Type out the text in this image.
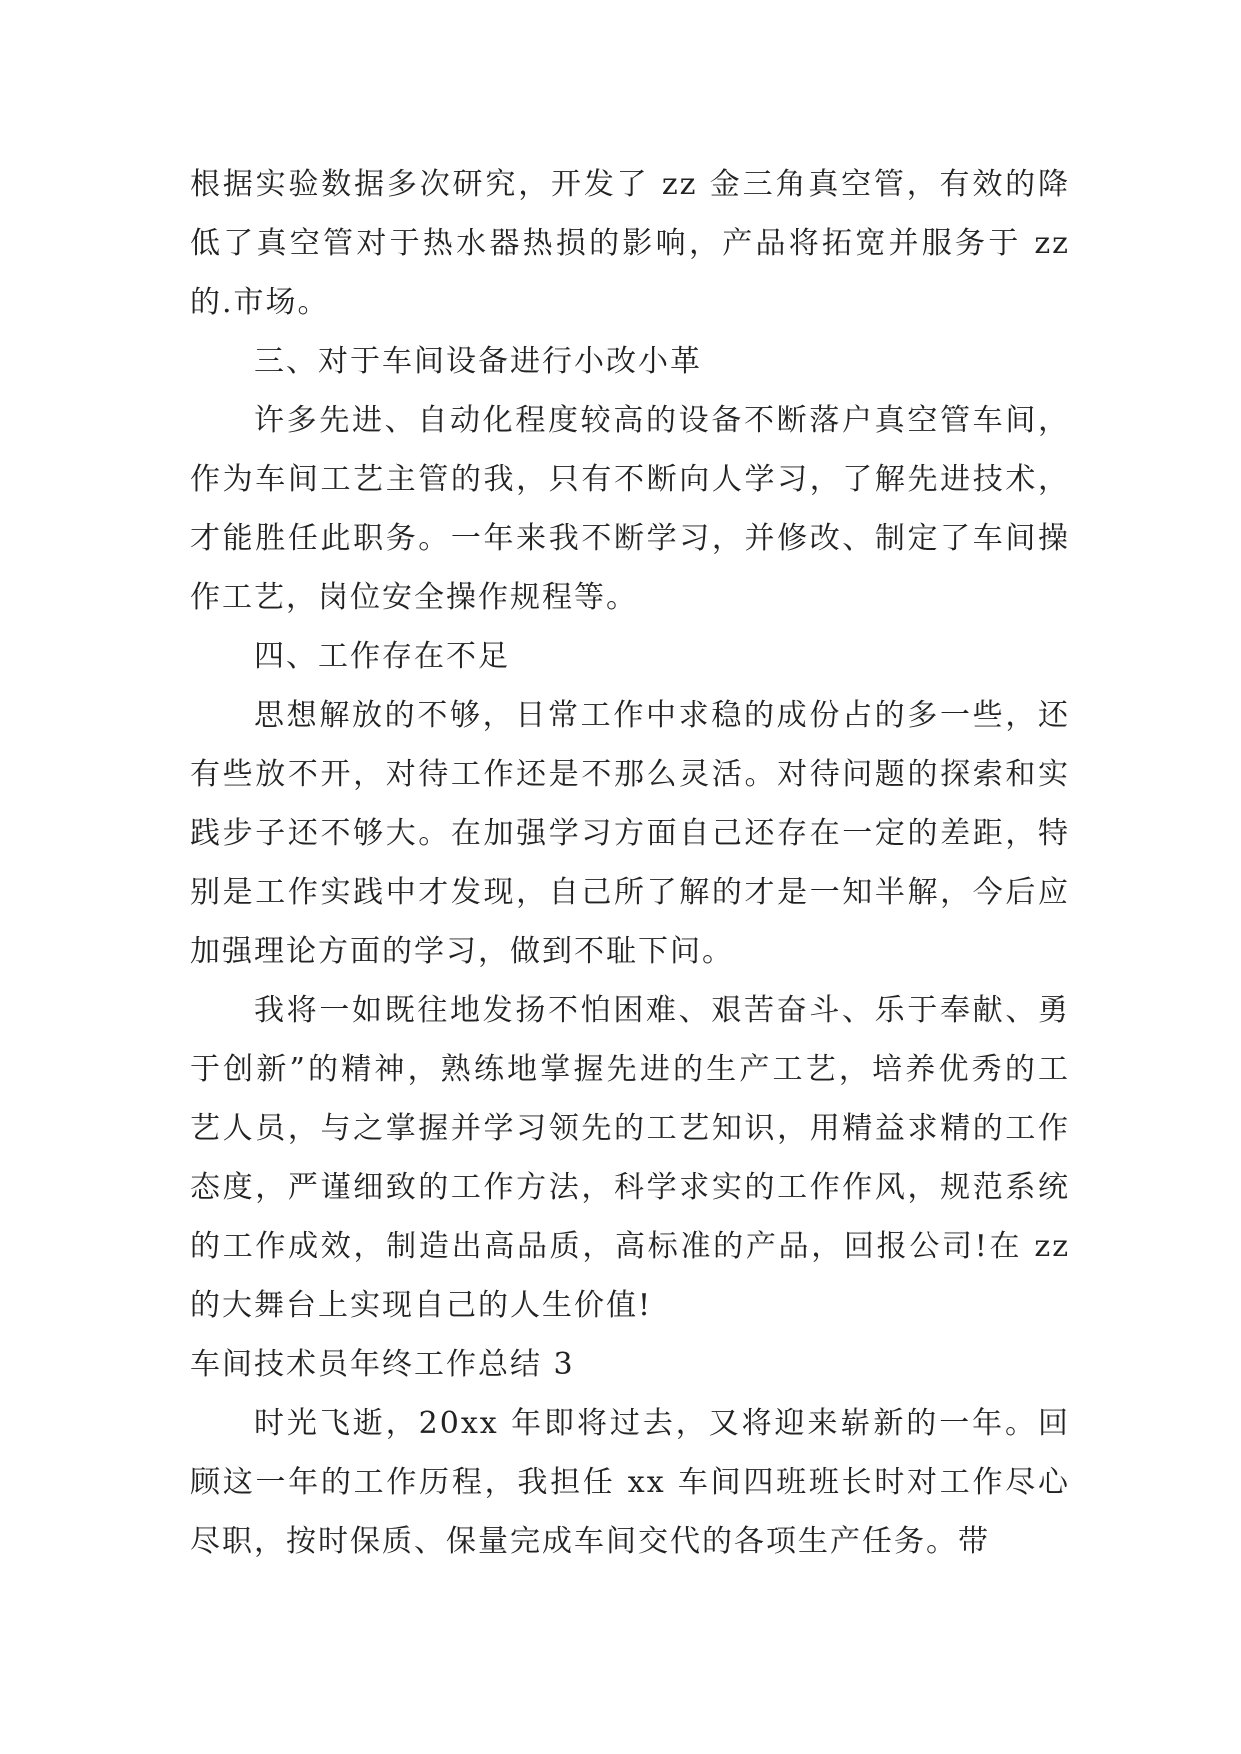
根据实验数据多次研究，开发了 zz 金三角真空管，有效的降低了真空管对于热水器热损的影响，产品将拓宽并服务于 zz 的.市场。

三、对于车间设备进行小改小革

许多先进、自动化程度较高的设备不断落户真空管车间，作为车间工艺主管的我，只有不断向人学习，了解先进技术，才能胜任此职务。一年来我不断学习，并修改、制定了车间操作工艺，岗位安全操作规程等。

四、工作存在不足

思想解放的不够，日常工作中求稳的成份占的多一些，还有些放不开，对待工作还是不那么灵活。对待问题的探索和实践步子还不够大。在加强学习方面自己还存在一定的差距，特别是工作实践中才发现，自己所了解的才是一知半解，今后应加强理论方面的学习，做到不耻下问。

我将一如既往地发扬不怕困难、艰苦奋斗、乐于奉献、勇于创新”的精神，熟练地掌握先进的生产工艺，培养优秀的工艺人员，与之掌握并学习领先的工艺知识，用精益求精的工作态度，严谨细致的工作方法，科学求实的工作作风，规范系统的工作成效，制造出高品质，高标准的产品，回报公司!在 zz 的大舞台上实现自己的人生价值!

车间技术员年终工作总结 3

时光飞逝，20xx 年即将过去，又将迎来崭新的一年。回顾这一年的工作历程，我担任 xx 车间四班班长时对工作尽心尽职，按时保质、保量完成车间交代的各项生产任务。带
